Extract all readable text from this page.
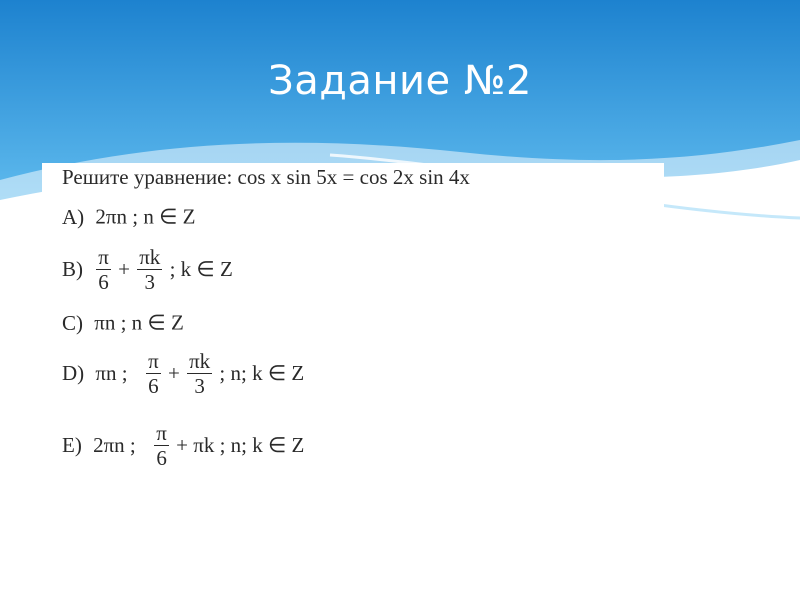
Задание №2
Решите уравнение: cos x sin 5x = cos 2x sin 4x
A) 2πn ; n ∈ Z
$B) \frac{\pi}{6} + \frac{\pi k}{3}$ ; k ∈ Z
C) πn ; n ∈ Z
D) πn ; $\frac{\pi}{6} + \frac{\pi k}{3}$ ; n; k ∈ Z
E) 2πn ; $\frac{\pi}{6} + \pi k$ ; n; k ∈ Z
